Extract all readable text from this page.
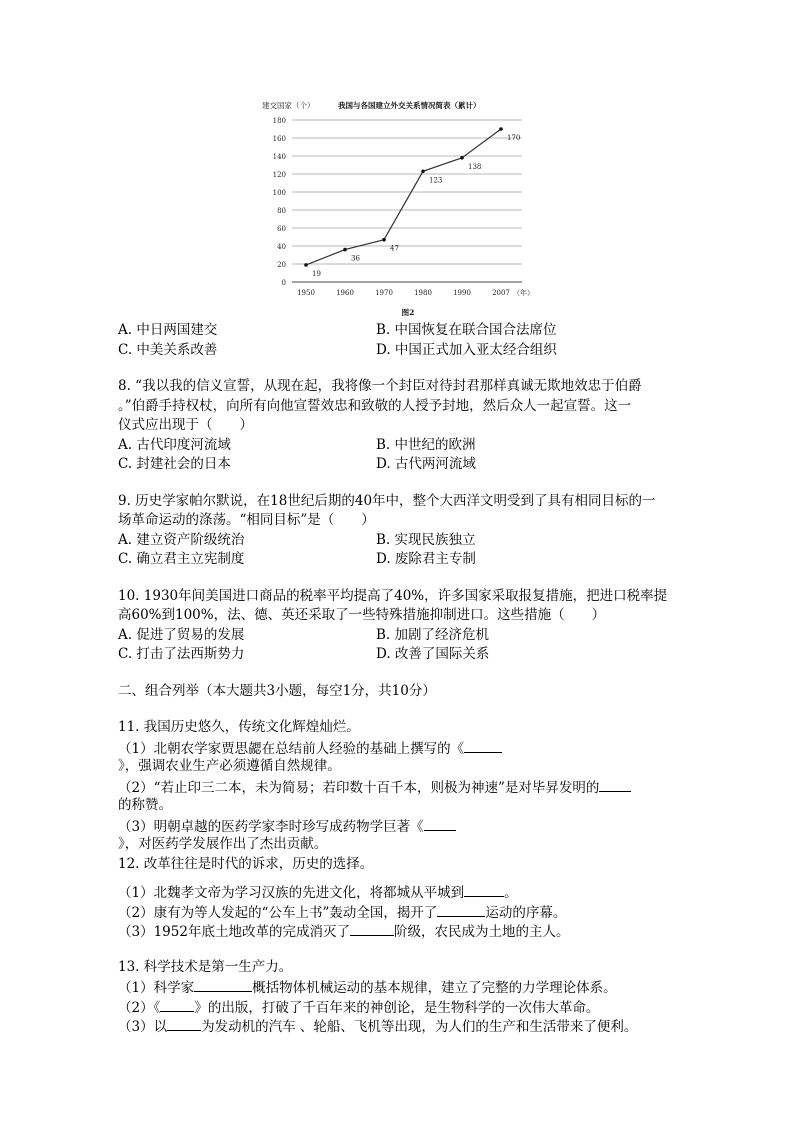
0
20
40
60
80
100
120
140
160
180
1950	1960	1970	1980	1990	2007
建交国家（个）	我国与各国建立外交关系情况简表（累计）
（年）
图2
19
36
47
123
138
170
A. 中日两国建交	B. 中国恢复在联合国合法席位
C. 中美关系改善	D. 中国正式加入亚太经合组织
8. “我以我的信义宣誓，从现在起，我将像一个封臣对待封君那样真诚无欺地效忠于伯爵
。”伯爵手持权杖，向所有向他宣誓效忠和致敬的人授予封地，然后众人一起宣誓。这一
仪式应出现于（　　）
A. 古代印度河流域	B. 中世纪的欧洲
C. 封建社会的日本	D. 古代两河流域
9. 历史学家帕尔默说，在18世纪后期的40年中，整个大西洋文明受到了具有相同目标的一
场革命运动的涤荡。“相同目标”是（　　）
A. 建立资产阶级统治	B. 实现民族独立
C. 确立君主立宪制度	D. 废除君主专制
10. 1930年间美国进口商品的税率平均提高了40%，许多国家采取报复措施，把进口税率提
高60%到100%，法、德、英还采取了一些特殊措施抑制进口。这些措施（　　）
A. 促进了贸易的发展	B. 加剧了经济危机
C. 打击了法西斯势力	D. 改善了国际关系
二、组合列举（本大题共3小题，每空1分，共10分）
11. 我国历史悠久，传统文化辉煌灿烂。
（1）北朝农学家贾思勰在总结前人经验的基础上撰写的《
》，强调农业生产必须遵循自然规律。
（2）“若止印三二本，未为简易；若印数十百千本，则极为神速”是对毕昇发明的
的称赞。
（3）明朝卓越的医药学家李时珍写成药物学巨著《
》，对医药学发展作出了杰出贡献。
12. 改革往往是时代的诉求，历史的选择。
（1）北魏孝文帝为学习汉族的先进文化，将都城从平城到	。
（2）康有为等人发起的“公车上书”轰动全国，揭开了	运动的序幕。
（3）1952年底土地改革的完成消灭了	阶级，农民成为土地的主人。
13. 科学技术是第一生产力。
（1）科学家	概括物体机械运动的基本规律，建立了完整的力学理论体系。
（2）《	》的出版，打破了千百年来的神创论，是生物科学的一次伟大革命。
（3）以	为发动机的汽车 、轮船、飞机等出现，为人们的生产和生活带来了便利。
